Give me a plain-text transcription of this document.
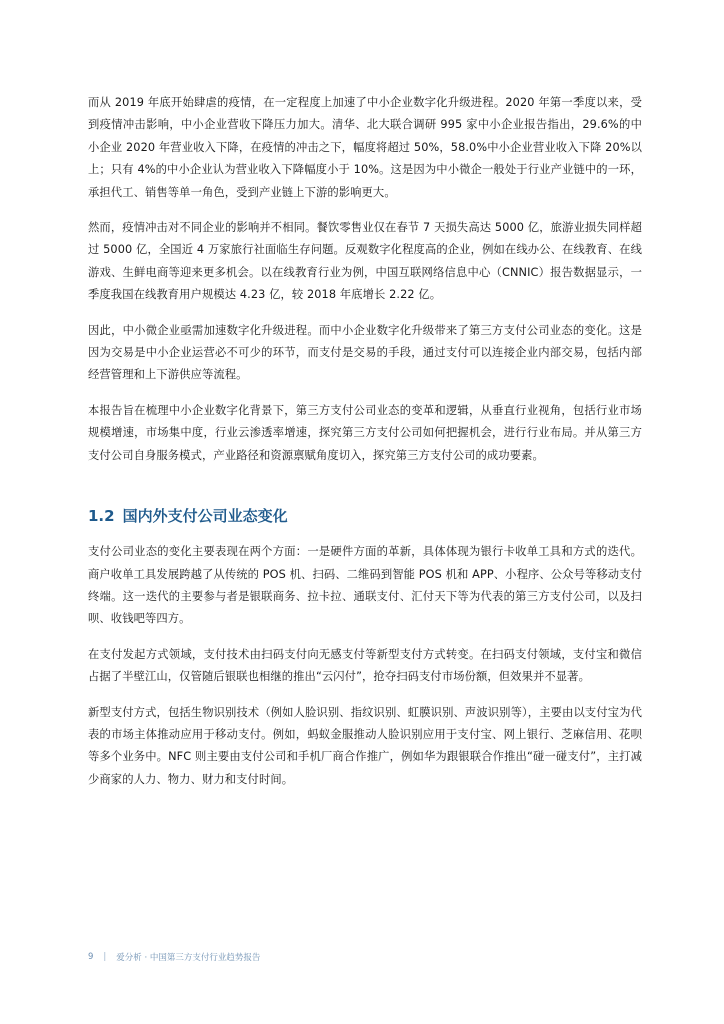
而从 2019 年底开始肆虐的疫情，在一定程度上加速了中小企业数字化升级进程。2020 年第一季度以来，受到疫情冲击影响，中小企业营收下降压力加大。清华、北大联合调研 995 家中小企业报告指出，29.6%的中小企业 2020 年营业收入下降，在疫情的冲击之下，幅度将超过 50%，58.0%中小企业营业收入下降 20%以上；只有 4%的中小企业认为营业收入下降幅度小于 10%。这是因为中小微企一般处于行业产业链中的一环，承担代工、销售等单一角色，受到产业链上下游的影响更大。

然而，疫情冲击对不同企业的影响并不相同。餐饮零售业仅在春节 7 天损失高达 5000 亿，旅游业损失同样超过 5000 亿，全国近 4 万家旅行社面临生存问题。反观数字化程度高的企业，例如在线办公、在线教育、在线游戏、生鲜电商等迎来更多机会。以在线教育行业为例，中国互联网络信息中心（CNNIC）报告数据显示，一季度我国在线教育用户规模达 4.23 亿，较 2018 年底增长 2.22 亿。

因此，中小微企业亟需加速数字化升级进程。而中小企业数字化升级带来了第三方支付公司业态的变化。这是因为交易是中小企业运营必不可少的环节，而支付是交易的手段，通过支付可以连接企业内部交易，包括内部经营管理和上下游供应等流程。

本报告旨在梳理中小企业数字化背景下，第三方支付公司业态的变革和逻辑，从垂直行业视角，包括行业市场规模增速，市场集中度，行业云渗透率增速，探究第三方支付公司如何把握机会，进行行业布局。并从第三方支付公司自身服务模式，产业路径和资源禀赋角度切入，探究第三方支付公司的成功要素。

1.2 国内外支付公司业态变化

支付公司业态的变化主要表现在两个方面：一是硬件方面的革新，具体体现为银行卡收单工具和方式的迭代。商户收单工具发展跨越了从传统的 POS 机、扫码、二维码到智能 POS 机和 APP、小程序、公众号等移动支付终端。这一迭代的主要参与者是银联商务、拉卡拉、通联支付、汇付天下等为代表的第三方支付公司，以及扫呗、收钱吧等四方。

在支付发起方式领域，支付技术由扫码支付向无感支付等新型支付方式转变。在扫码支付领域，支付宝和微信占据了半壁江山，仅管随后银联也相继的推出“云闪付”，抢夺扫码支付市场份额，但效果并不显著。

新型支付方式，包括生物识别技术（例如人脸识别、指纹识别、虹膜识别、声波识别等），主要由以支付宝为代表的市场主体推动应用于移动支付。例如，蚂蚁金服推动人脸识别应用于支付宝、网上银行、芝麻信用、花呗等多个业务中。NFC 则主要由支付公司和手机厂商合作推广，例如华为跟银联合作推出“碰一碰支付”，主打减少商家的人力、物力、财力和支付时间。

9 | 爱分析 · 中国第三方支付行业趋势报告
